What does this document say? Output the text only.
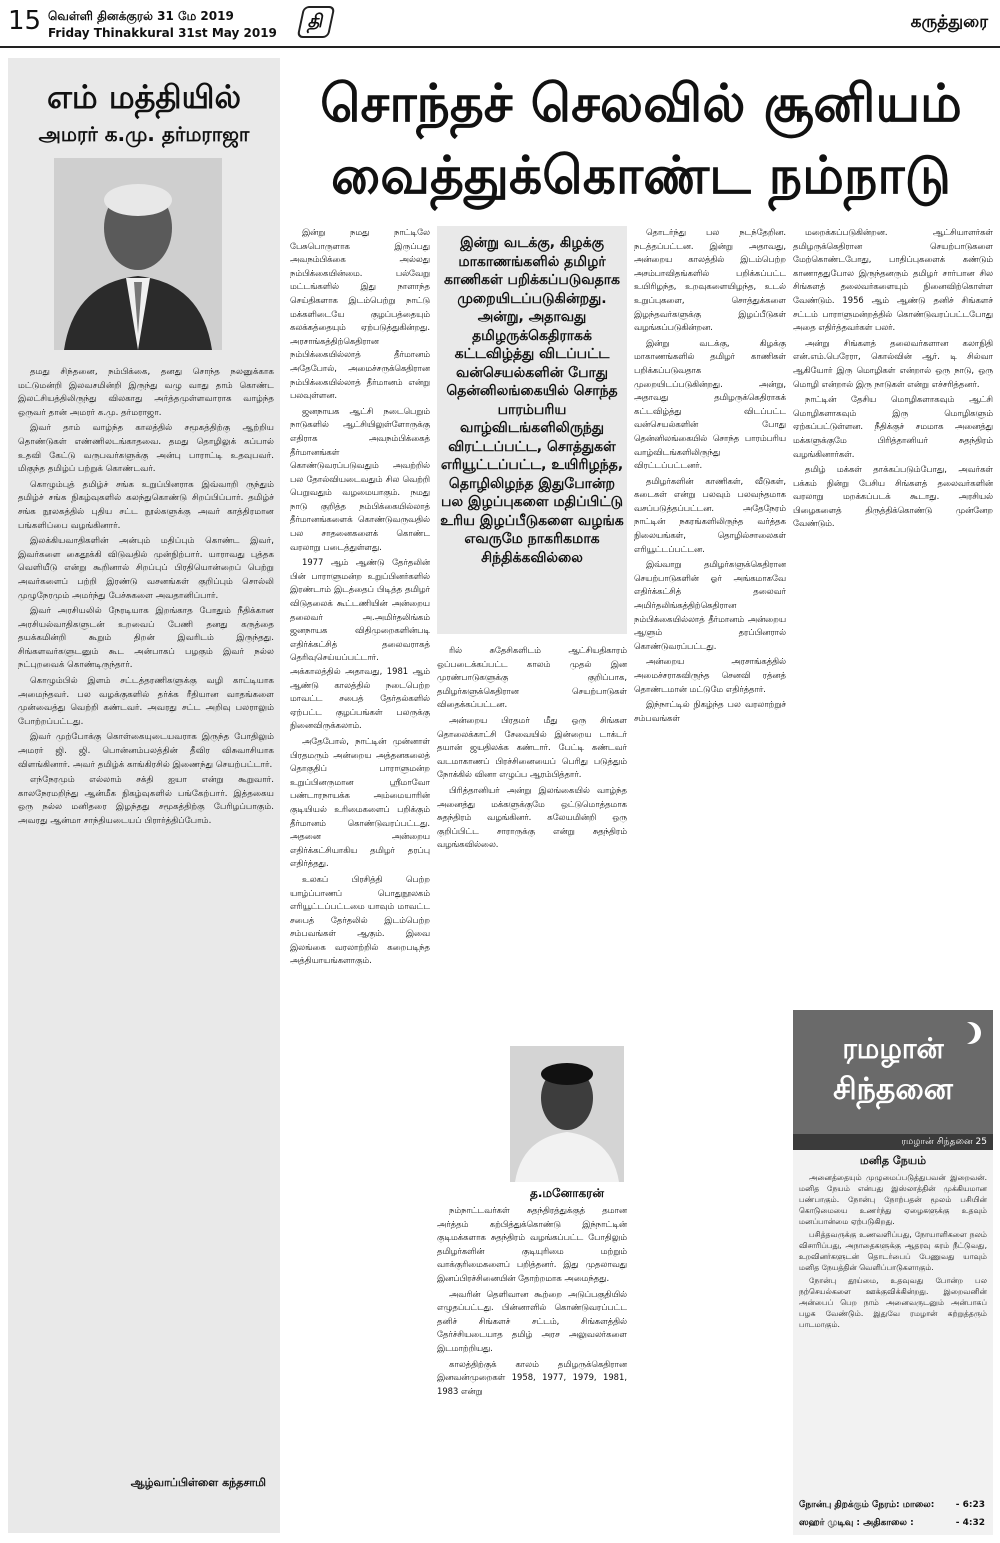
15 வெள்ளி தினக்குரல் 31 மே 2019
Friday Thinakkural 31st May 2019
தி	கருத்துரை
எம் மத்தியில்
அமரர் க.மு. தர்மராஜா

தமது சிந்தனை, நம்பிக்கை, தனது சொந்த நலனுக்காக மட்டுமன்றி இலவசமின்றி இருந்து வழு வாது தாம் கொண்ட இலட்சியத்திலிருந்து விலகாது அர்த்தமுள்ளவாராக வாழ்ந்த ஒருவர் தான் அமரர் க.மு. தர்மராஜா.

இவர் தாம் வாழ்ந்த காலத்தில் சமூகத்திற்கு ஆற்றிய தொண்டுகள் எண்ணிலடங்காதவை. தமது தொழிலுக் கப்பால் உதவி கேட்டு வருபவர்களுக்கு அன்பு பாராட்டி உதவுபவர். மிகுந்த தமிழ்ப் பற்றுக் கொண்டவர்.

கொழும்புத் தமிழ்ச் சங்க உறுப்பினராக இவ்வாறி ருந்தும் தமிழ்ச் சங்க நிகழ்வுகளில் கலந்துகொண்டு சிறப்பிப்பார். தமிழ்ச் சங்க நூலகத்தில் புதிய சட்ட நூல்களுக்கு அவர் காத்திரமான பங்களிப்பை வழங்கினார்.

இலக்கியவாதிகளின் அன்பும் மதிப்பும் கொண்ட இவர், இவர்களை கைதூக்கி விடுவதில் முன்நிற்பார். யாராவது புத்தக வெளியீடு என்று கூறினால் சிறப்புப் பிரதியொன்றைப் பெற்று அவர்களைப் பற்றி இரண்டு வசனங்கள் குறிப்பும் சொல்லி முழுநேரமும் அமர்ந்து பேச்சுகளை அவதானிப்பார்.

இவர் அரசியலில் நேரடியாக இறங்காத போதும் நீதிக்கான அரசியல்வாதிகளுடன் உறவைப் பேணி தனது கருத்தை தயக்கமின்றி கூறும் திறன் இவரிடம் இருந்தது. சிங்களவர்களுடனும் கூட அன்பாகப் பழகும் இவர் நல்ல நட்புறவைக் கொண்டிருந்தார்.

கொழும்பில் இளம் சட்டத்தரணிகளுக்கு வழி காட்டியாக அமைந்தவர். பல வழக்குகளில் தர்க்க ரீதியான வாதங்களை முன்வைத்து வெற்றி கண்டவர். அவரது சட்ட அறிவு பலராலும் போற்றப்பட்டது.

இவர் முற்போக்கு கொள்கையுடையவராக இருந்த போதிலும் அமரர் ஜி. ஜி. பொன்னம்பலத்தின் தீவிர விசுவாசியாக விளங்கினார். அவர் தமிழ்க் காங்கிரசில் இணைந்து செயற்பட்டார்.

எந்நேரமும் எல்லாம் சக்தி ஐயா என்று கூறுவார். காலநேரமறிந்து ஆன்மீக நிகழ்வுகளில் பங்கேற்பார். இத்தகைய ஒரு நல்ல மனிதரை இழந்தது சமூகத்திற்கு பேரிழப்பாகும். அவரது ஆன்மா சாந்தியடையப் பிரார்த்திப்போம்.

ஆழ்வாப்பிள்ளை கந்தசாமி
சொந்தச் செலவில் சூனியம்
வைத்துக்கொண்ட நம்நாடு

இன்று நமது நாட்டிலே பேசுபொருளாக இருப்பது அவநம்பிக்கை அல்லது நம்பிக்கையின்மை. பல்வேறு மட்டங்களில் இது நாளாந்த செய்திகளாக இடம்பெற்று நாட்டு மக்களிடையே குழப்பத்தையும் கலக்கத்தையும் ஏற்படுத்துகின்றது. அரசாங்கத்திற்கெதிரான நம்பிக்கையில்லாத் தீர்மானம் அதேபோல், அமைச்சருக்கெதிரான நம்பிக்கையில்லாத் தீர்மானம் என்று பலவுள்ளன.

ஜனநாயக ஆட்சி நடைபெறும் நாடுகளில் ஆட்சியிலுள்ளோருக்கு எதிராக அவநம்பிக்கைத் தீர்மானங்கள் கொண்டுவரப்படுவதும் அவற்றில் பல தோல்வியடைவதும் சில வெற்றி பெறுவதும் வழமையாகும். நமது நாடு குறித்த நம்பிக்கையில்லாத் தீர்மானங்களைக் கொண்டுவருவதில் பல சாதனைகளைக் கொண்ட வரலாறு படைத்துள்ளது.

1977 ஆம் ஆண்டு தேர்தலின் பின் பாராளுமன்ற உறுப்பினர்களில் இரண்டாம் இடத்தைப் பிடித்த தமிழர் விடுதலைக் கூட்டணியின் அன்றைய தலைவர் அ.அமிர்தலிங்கம் ஜனநாயக விதிமுறைகளின்படி எதிர்க்கட்சித் தலைவராகத் தெரிவுசெய்யப்பட்டார். அக்காலத்தில் அதாவது, 1981 ஆம் ஆண்டு காலத்தில் நடைபெற்ற மாவட்ட சபைத் தேர்தல்களில் ஏற்பட்ட குழப்பங்கள் பலருக்கு நினைவிருக்கலாம்.

அதேபோல், நாட்டின் முன்னாள் பிரதமரும் அன்றைய அத்தனகலைத் தொகுதிப் பாராளுமன்ற உறுப்பினருமான ஸ்ரீமாவோ பண்டாரநாயக்க அம்மையாரின் குடியியல் உரிமைகளைப் பறிக்கும் தீர்மானம் கொண்டுவரப்பட்டது. அதனை அன்றைய எதிர்க்கட்சியாகிய தமிழர் தரப்பு எதிர்த்தது.

உலகப் பிரசித்தி பெற்ற யாழ்ப்பாணப் பொதுநூலகம் எரியூட்டப்பட்டமை யாவும் மாவட்ட சபைத் தேர்தலில் இடம்பெற்ற சம்பவங்கள் ஆகும். இவை இலங்கை வரலாற்றில் கறைபடிந்த அத்தியாயங்களாகும்.

இன்று வடக்கு, கிழக்கு மாகாணங்களில் தமிழர் காணிகள் பறிக்கப்படுவதாக முறையிடப்படுகின்றது. அன்று, அதாவது தமிழருக்கெதிராகக் கட்டவிழ்த்து விடப்பட்ட வன்செயல்களின் போது தென்னிலங்கையில் சொந்த பாரம்பரிய வாழ்விடங்களிலிருந்து விரட்டப்பட்ட, சொத்துகள் எரியூட்டப்பட்ட, உயிரிழந்த, தொழிலிழந்த இதுபோன்ற பல இழப்புகளை மதிப்பிட்டு உரிய இழப்பீடுகளை வழங்க எவருமே நாகரிகமாக சிந்திக்கவில்லை

ரில் சுதேசிகளிடம் ஆட்சியதிகாரம் ஒப்படைக்கப்பட்ட காலம் முதல் இன முரண்பாடுகளுக்கு குறிப்பாக, தமிழர்களுக்கெதிரான செயற்பாடுகள் விதைக்கப்பட்டன.

அன்றைய பிரதமர் மீது ஒரு சிங்கள தொலைக்காட்சி சேவையில் இன்றைய டாக்டர் தயான் ஜயதிலக்க கண்டார். பேட்டி கண்டவர் வடமாகாணப் பிரச்சினையைப் பெரிது படுத்தும் நோக்கில் வினா எழுப்ப ஆரம்பித்தார்.

பிரித்தானியர் அன்று இலங்கையில் வாழ்ந்த அனைத்து மக்களுக்குமே ஒட்டுமொத்தமாக சுதந்திரம் வழங்கினர். கலேயமின்றி ஒரு குறிப்பிட்ட சாராருக்கு என்று சுதந்திரம் வழங்கவில்லை.

த.மனோகரன்

நம்நாட்டவர்கள் சுதந்திரத்துக்குத் தமான அர்த்தம் கற்பித்துக்கொண்டு இந்நாட்டின் குடிமக்களாக சுதந்திரம் வழங்கப்பட்ட போதிலும் தமிழர்களின் குடியுரிமை மற்றும் வாக்குரிமைகளைப் பறித்தனர். இது முதலாவது இனப்பிரச்சினையின் தோற்றமாக அமைந்தது.

அவரின் தெளிவான கூற்றை அடுப்பகுதியில் எழுதப்பட்டது. பின்னாளில் கொண்டுவரப்பட்ட தனிச் சிங்களச் சட்டம், சிங்களத்தில் தேர்ச்சியடையாத தமிழ் அரச அலுவலர்களை இடமாற்றியது.

காலத்திற்குக் காலம் தமிழருக்கெதிரான இனவன்முறைகள் 1958, 1977, 1979, 1981, 1983 என்று

தொடர்ந்து பல நடந்தேறின. நடத்தப்பட்டன. இன்று அதாவது, அன்றைய காலத்தில் இடம்பெற்ற அசம்பாவிதங்களில் பறிக்கப்பட்ட உயிரிழந்த, உறவுகளையிழந்த, உடல் உறுப்புகளை, சொத்துக்களை இழந்தவர்களுக்கு இழப்பீடுகள் வழங்கப்படுகின்றன.

இன்று வடக்கு, கிழக்கு மாகாணங்களில் தமிழர் காணிகள் பறிக்கப்படுவதாக முறையிடப்படுகின்றது. அன்று, அதாவது தமிழருக்கெதிராகக் கட்டவிழ்த்து விடப்பட்ட வன்செயல்களின் போது தென்னிலங்கையில் சொந்த பாரம்பரிய வாழ்விடங்களிலிருந்து விரட்டப்பட்டனர்.

தமிழர்களின் காணிகள், வீடுகள், கடைகள் என்று பலவும் பலவந்தமாக வசப்படுத்தப்பட்டன. அதேநேரம் நாட்டின் நகரங்களிலிருந்த வர்த்தக நிலையங்கள், தொழில்சாலைகள் எரியூட்டப்பட்டன.

இவ்வாறு தமிழர்களுக்கெதிரான செயற்பாடுகளின் ஓர் அங்கமாகவே எதிர்க்கட்சித் தலைவர் அமிர்தலிங்கத்திற்கெதிரான நம்பிக்கையில்லாத் தீர்மானம் அன்றைய ஆளும் தரப்பினரால் கொண்டுவரப்பட்டது.

அன்றைய அரசாங்கத்தில் அமைச்சராகவிருந்த செனவி ரத்னத் தொண்டமான் மட்டுமே எதிர்த்தார்.

இந்நாட்டில் நிகழ்ந்த பல வரலாற்றுச் சம்பவங்கள்

மறைக்கப்படுகின்றன. ஆட்சியாளர்கள் தமிழருக்கெதிரான செயற்பாடுகளை மேற்கொண்டபோது, பாதிப்புகளைக் கண்டும் காணாததுபோல இருந்தனரும் தமிழர் சார்பான சில சிங்களத் தலைவர்களையும் நினைவிற்கொள்ள வேண்டும். 1956 ஆம் ஆண்டு தனிச் சிங்களச் சட்டம் பாராளுமன்றத்தில் கொண்டுவரப்பட்டபோது அதை எதிர்த்தவர்கள் பலர்.

அன்று சிங்களத் தலைவர்களான கலாநிதி என்.எம்.பெரேரா, கொல்வின் ஆர். டி சில்வா ஆகியோர் இரு மொழிகள் என்றால் ஒரு நாடு, ஒரு மொழி என்றால் இரு நாடுகள் என்று எச்சரித்தனர்.

நாட்டின் தேசிய மொழிகளாகவும் ஆட்சி மொழிகளாகவும் இரு மொழிகளும் ஏற்கப்பட்டுள்ளன. நீதிக்குச் சமமாக அனைத்து மக்களுக்குமே பிரித்தானியர் சுதந்திரம் வழங்கினார்கள்.

தமிழ் மக்கள் தாக்கப்படும்போது, அவர்கள் பக்கம் நின்று பேசிய சிங்களத் தலைவர்களின் வரலாறு மறக்கப்படக் கூடாது. அரசியல் பிழைகளைத் திருத்திக்கொண்டு முன்னேற வேண்டும்.

ரமழான்
சிந்தனை
ரமழான் சிந்தனை 25
மனித நேயம்

அனைத்தையும் முழுமைப்படுத்துபவன் இறைவன். மனித நேயம் என்பது இஸ்லாத்தின் முக்கியமான பண்பாகும். நோன்பு நோற்பதன் மூலம் பசியின் கொடுமையை உணர்ந்து ஏழைகளுக்கு உதவும் மனப்பான்மை ஏற்படுகிறது.

பசித்தவருக்கு உணவளிப்பது, நோயாளிகளை நலம் விசாரிப்பது, அநாதைகளுக்கு ஆதரவு கரம் நீட்டுவது, உறவினர்களுடன் தொடர்பைப் பேணுவது யாவும் மனித நேயத்தின் வெளிப்பாடுகளாகும்.

நோன்பு தூய்மை, உதவுவது போன்ற பல நற்செயல்களை ஊக்குவிக்கின்றது. இறைவனின் அன்பைப் பெற நாம் அனைவருடனும் அன்பாகப் பழக வேண்டும். இதுவே ரமழான் கற்றுத்தரும் பாடமாகும்.

நோன்பு திறக்கும் நேரம்: மாலை: - 6:23
ஸஹர் முடிவு : அதிகாலை :	- 4:32
